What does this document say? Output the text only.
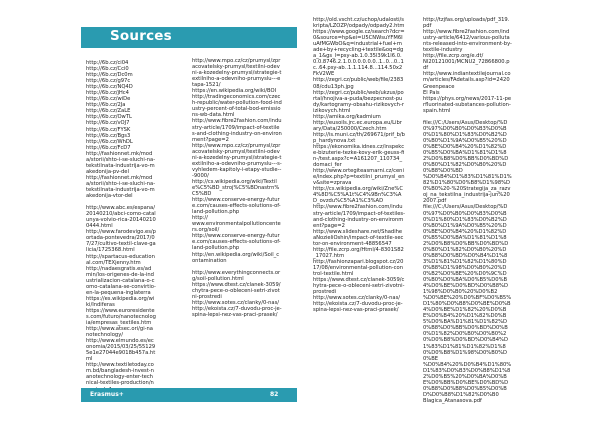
Sources

http://6b.cz/ci04
http://6b.cz/Cci0
http://6b.cz/Dc0m
http://6b.cz/g97c
http://6b.cz/NQ4D
http://6b.cz/jHc4
http://6b.cz/wiDe
http://6b.cz/2Ja
http://6b.cz/ZaLE
http://6b.cz/OwTL
http://6b.cz/vOJ7
http://6b.cz/FYSK
http://6b.cz/Bgs3
http://6b.cz/WhDL
http://6b.cz/FcD7
http://fashionnet.mk/moda/storii/shto-i-se-sluchi-na-tekstilnata-industrija-vo-makedonija-pv-del
http://fashionnet.mk/moda/storii/shto-i-se-sluchi-na-tekstilnata-industrija-vo-makedonija-vtor-del

http://www.abc.es/espana/20140210/abci-como-catalunya-volvio-rica-201402100444.html
http://www.farodevigo.es/portada-pontevedra/2017/07/27/cultivo-textil-clave-galicia/1725368.html
http://spartacus-educational.com/TEXjenny.htm
http://nadaesgratis.es/admin/los-origenes-de-la-industrializacion-catalana-o-como-catalana-se-convirtio-en-la-pequena-inglaterra
https://es.wikipedia.org/wiki/Indiferas
https://www.euroresidentes.com/futuro/nanotecnologia/empresas_textiles.htm
http://www.atsec.ori/gi-nanotechnology/
http://www.elmundo.es/economia/2015/03/25/551295e1e27044e9018b457a.html
http://www.textiletoday.com.bd/bangladesh-invest-nanotechnology-enter-technical-textiles-production/n

http://www.mpo.cz/cz/prumysl/zpracovatelsky-prumysl/textilni-odevni-a-kozedelny-prumysl/strategie-textilniho-a-odevniho-prumyslu---etapa-1521/
https://en.wikipedia.org/wiki/BOI
http://tradingeconomics.com/czech-republic/water-pollution-food-industry-percent-of-total-bod-emissions-wb-data.html
http://www.fibre2fashion.com/industry-article/1709/impact-of-textiles-and-clothing-industry-on-environment?page=2
http://www.mpo.cz/cz/prumysl/zpracovatelsky-prumysl/textilni-odevni-a-kozedelny-prumysl/strategie-textilniho-a-odevniho-prumyslu---s-vyhledem-kapitoly-i-etapy-studie---9000/
http://cs.wikipedia.org/wiki/Textile%C5%BD_stroj%C5%BDnastrn%C5%BD
http://www.conserve-energy-future.com/causes-effects-solutions-of-land-pollution.php
http://
www.environmentalpollutioncenters.org/soil/
http://www.conserve-energy-future.com/causes-effects-solutions-of-land-pollution.php
http://en.wikipedia.org/wiki/Soil_contamination

http://www.everythingconnects.org/soil-pollution.html
https://www.dtest.cz/clanek-3059/chytra-pece-o-obleceni-setri-zivotni-prostredi
http://www.sotes.cz/clanky/0-nas/
http://ekoista.cz/7-duvodu-proc-je-spina-lepsi-nez-vas-praci-prasek/

http://old.vscht.cz/uchop/udalosti/skripta/LZOZP/odpady/odpady2.htm
https://www.google.cz/search?dcr=0&source=hp&ei=U5CNWsuYFM6IuAfMGWbO&q=industrial+fuel+made+by+recycling+textile&oq=dga_1&gs_l=psy-ab.1.0.35l39k1l6.0.0.0.8746.2.1.0.0.0.0.0.0..1..0...0..1c..64.psy-ab..1.1.114.8...114.50x2FkV2WE
http://zegri.cz/public/web/file/238308/cdu13ph.jpg
http://zegri.cz/public/web/ukzus/portal/hnojiva-a-puda/bezpecnost-pudy/kartogramy-obsahu-rizikovych-rizikovych.html
http://amika.org/kadmium
http://eusoils.jrc.ec.europa.eu/Library/Data/250000/Czech.htm
http://is.muni.cz/th/269671/prif_b/bp_hardynova.txt
https://ekonomika.idnes.cz/inspekce-bizuterie-tezke-kovy-erik-geuss-fin-/test.aspx?c=A161207_110734_domaci_fer
http://www.ortegiteasmarni.cz/cenie/index.php?p=textilni_prumysl_env&site=zprava
http://cs.wikipedia.org/wiki/Zne%C4%8D%C5%A1t%C4%9Bn%C3%AD_ovzdu%C5%A1%C3%AD
http://www.fibre2fashion.com/industry-article/1709/impact-of-textiles-and-clothing-industry-on-environment?page=2
http://www.slideshare.net/ShadiheaNozieliOshin/impact-of-textile-sector-on-environment-48856547
http://file.zcrp.org/Html/4-8301S82_17027.htm
http://fashionzapari.blogspot.cz/2017/08/environmental-pollution-control-textile.html
https://www.dtest.cz/clanek-3059/chytra-pece-o-obleceni-setri-zivotni-prostredi
http://www.sotes.cz/clanky/0-nas/
http://ekoista.cz/7-duvodu-proc-je-spina-lepsi-nez-vas-praci-prasek/

http://tzjfas.org/uploads/pdf_319.pdf
http://www.fibre2fashion.com/industry-article/6412/various-pollutants-released-into-environment-by-textile-industry
http://file.zcrp.org/e.dt/
Nl20121001/MCNU2_72866800.pdf
http://www.indiantextilejournal.com/articles/FAdetails.asp?id=2420
Greenpeace
El Pais
https://phys.org/news/2017-11-perfluorinated-substances-pollution-spain.html

file:///C:/Users/Asus/Desktop/%D0%97%D0%B0%D0%B3%D0%B0%D1%80%D1%83%D0%B2%D0%B0%D1%9A%D0%B5%20%D0%BE%D0%B4%20%D1%82%D0%B5%D0%BA%D1%81%D1%82%D0%B8%D0%BB%D0%BD%D0%B0%D1%82%D0%B0%20%D0%B8%D0%BD
%D0%B4%D1%83%D1%81%D1%82%D1%80%D0%B8%D1%98%D0%B0%20-%20Strategija_za_razvoj_na_tekstilna_industrija-jun%202007.pdf
file:///C:/Users/Asus/Desktop/%D0%97%D0%B0%D0%B3%D0%B0%D1%80%D1%83%D0%B2%D0%B0%D1%9A%D0%B5%20%D0%BE%D0%B4%20%D1%82%D0%B5%D0%BA%D1%81%D1%82%D0%B8%D0%BB%D0%BD%D0%B0%D1%82%D0%B0%20%D0%B8%D0%BD%D0%B4%D1%83%D1%81%D1%82%D1%80%D0%B8%D1%98%D0%B0%20%D0%B2%D0%BE%20%D0%9C%D0%B0%D0%BA%D0%B5%D0%B4%D0%BE%D0%BD%D0%B8%D1%98%D0%B0%20%D0%B2
%D0%BE%20%D0%BF%D0%B5%D1%80%D0%B8%D0%BE%D0%B4%D0%BE%D1%82%20%D0%BE%D0%B4%20%D1%82%D0%B5%D0%BA%D1%81%D1%82%D0%B8%D0%BB%D0%BD%D0%B0%D1%82%D0%B0%D0%B0%20%D0%B8%D0%BD%D0%B4%D1%83%D1%81%D1%82%D1%80%D0%B8%D1%98%D0%B0%D0%BE
%D0%B4%20%D0%B4%D1%80%D1%83%D0%B3%D0%B8%D1%82%D0%B5%20%D0%BA%D0%BE%D0%BB%D0%BE%D0%BD%D0%B8%D0%B8%D0%B5%D0%BD%D0%B8%D1%82%D0%B0
Blagica_Atanasova.pdf

Erasmus+	82
